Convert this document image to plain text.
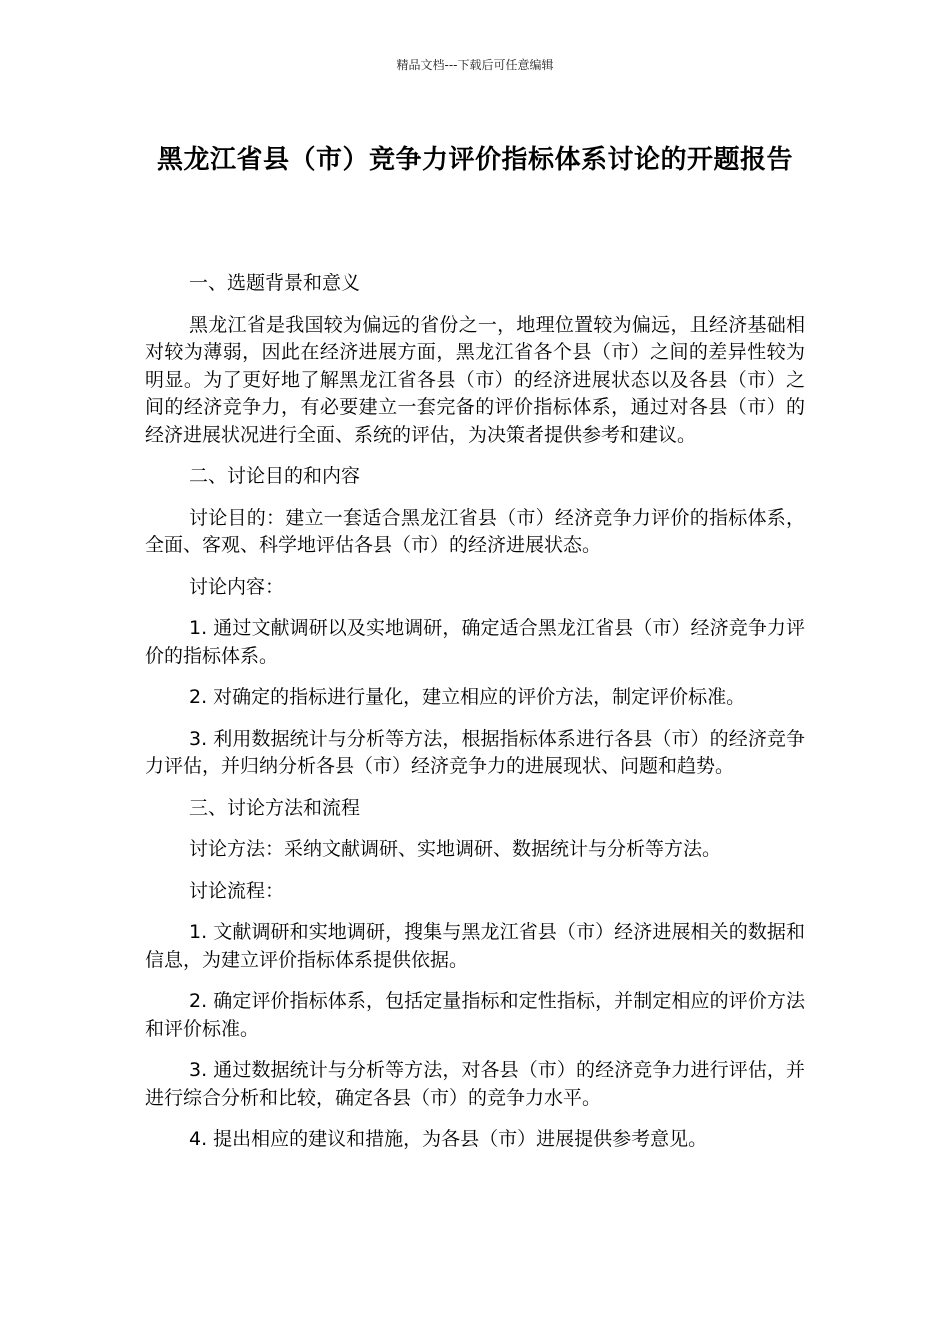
精品文档---下载后可任意编辑
黑龙江省县（市）竞争力评价指标体系讨论的开题报告

一、选题背景和意义

黑龙江省是我国较为偏远的省份之一，地理位置较为偏远，且经济基础相对较为薄弱，因此在经济进展方面，黑龙江省各个县（市）之间的差异性较为明显。为了更好地了解黑龙江省各县（市）的经济进展状态以及各县（市）之间的经济竞争力，有必要建立一套完备的评价指标体系，通过对各县（市）的经济进展状况进行全面、系统的评估，为决策者提供参考和建议。

二、讨论目的和内容

讨论目的：建立一套适合黑龙江省县（市）经济竞争力评价的指标体系，全面、客观、科学地评估各县（市）的经济进展状态。

讨论内容：

1. 通过文献调研以及实地调研，确定适合黑龙江省县（市）经济竞争力评价的指标体系。

2. 对确定的指标进行量化，建立相应的评价方法，制定评价标准。

3. 利用数据统计与分析等方法，根据指标体系进行各县（市）的经济竞争力评估，并归纳分析各县（市）经济竞争力的进展现状、问题和趋势。

三、讨论方法和流程

讨论方法：采纳文献调研、实地调研、数据统计与分析等方法。

讨论流程：

1. 文献调研和实地调研，搜集与黑龙江省县（市）经济进展相关的数据和信息，为建立评价指标体系提供依据。

2. 确定评价指标体系，包括定量指标和定性指标，并制定相应的评价方法和评价标准。

3. 通过数据统计与分析等方法，对各县（市）的经济竞争力进行评估，并进行综合分析和比较，确定各县（市）的竞争力水平。

4. 提出相应的建议和措施，为各县（市）进展提供参考意见。
